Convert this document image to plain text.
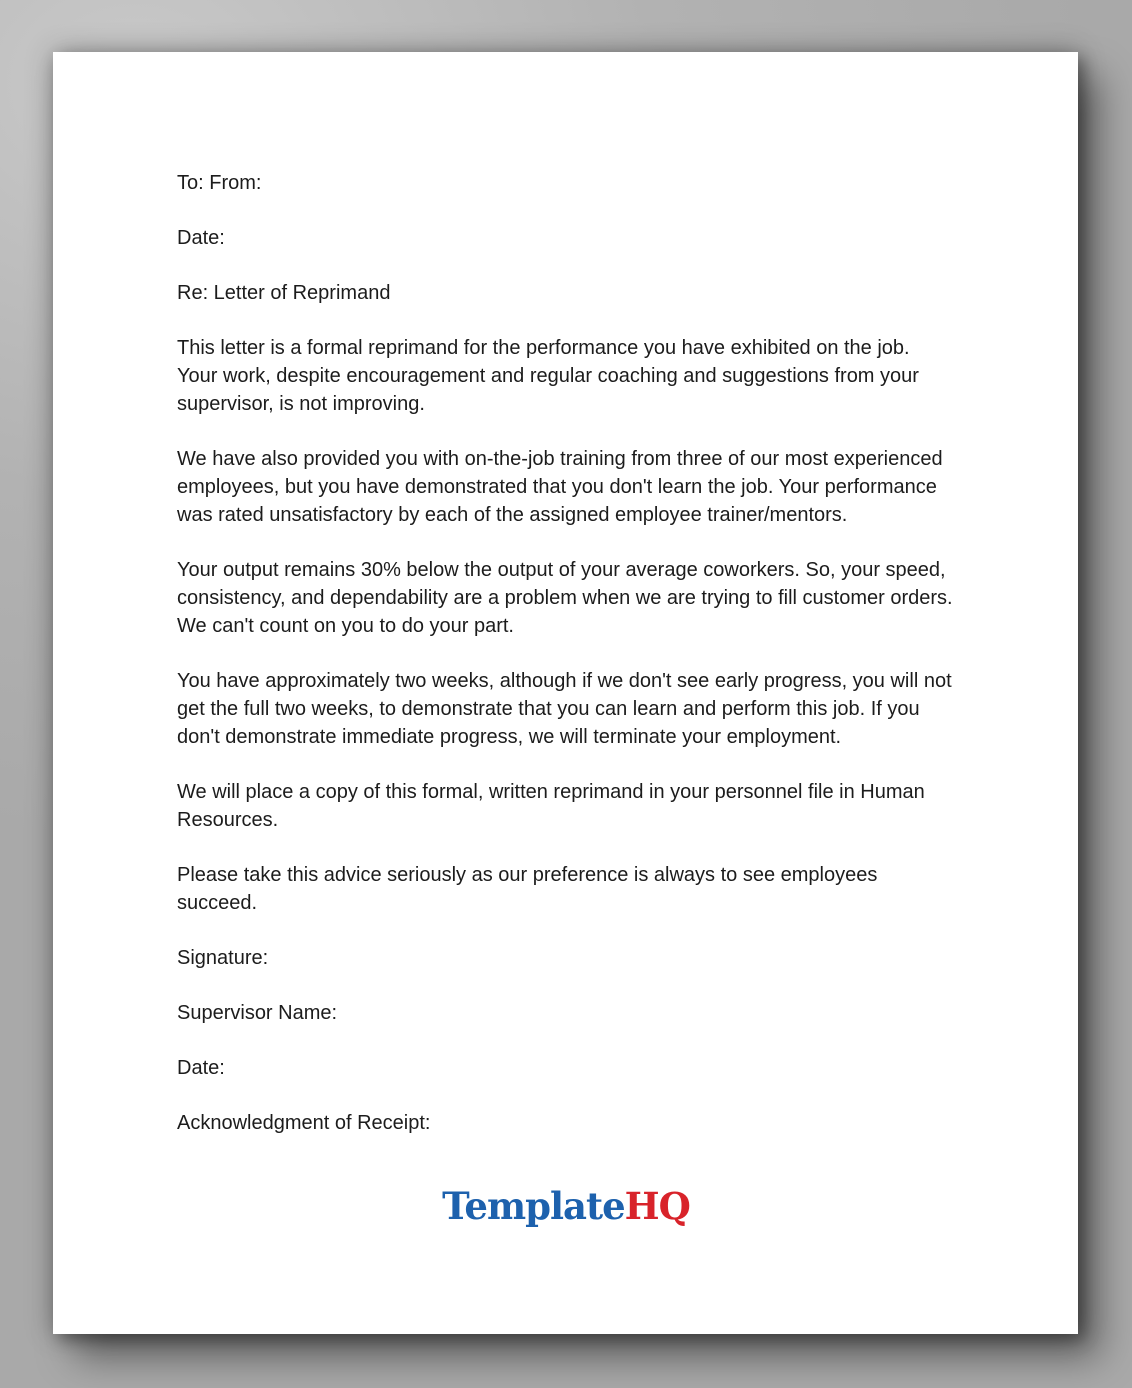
To: From:

Date:

Re: Letter of Reprimand

This letter is a formal reprimand for the performance you have exhibited on the job. Your work, despite encouragement and regular coaching and suggestions from your supervisor, is not improving.

We have also provided you with on-the-job training from three of our most experienced employees, but you have demonstrated that you don't learn the job. Your performance was rated unsatisfactory by each of the assigned employee trainer/mentors.

Your output remains 30% below the output of your average coworkers. So, your speed, consistency, and dependability are a problem when we are trying to fill customer orders. We can't count on you to do your part.

You have approximately two weeks, although if we don't see early progress, you will not get the full two weeks, to demonstrate that you can learn and perform this job. If you don't demonstrate immediate progress, we will terminate your employment.

We will place a copy of this formal, written reprimand in your personnel file in Human Resources.

Please take this advice seriously as our preference is always to see employees succeed.

Signature:

Supervisor Name:

Date:

Acknowledgment of Receipt:

TemplateHQ
